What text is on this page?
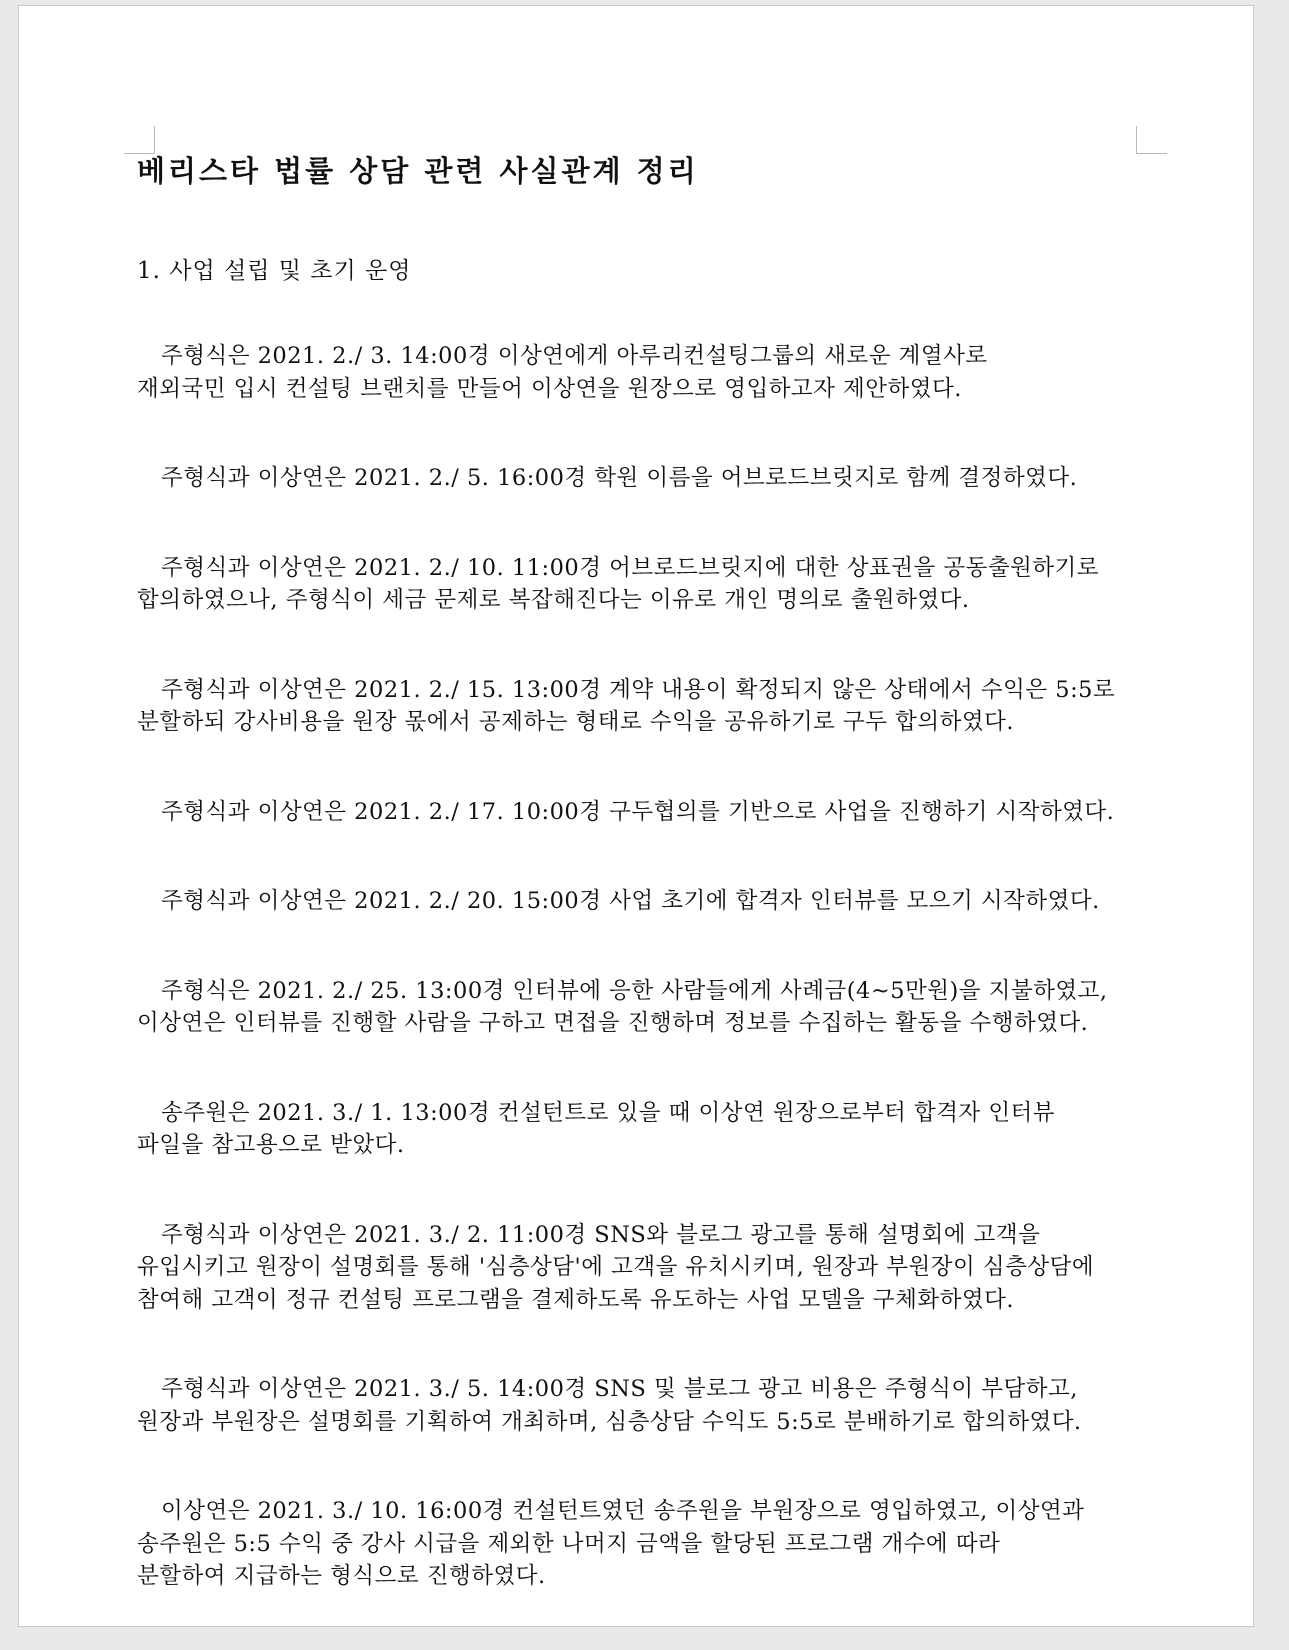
베리스타 법률 상담 관련 사실관계 정리
1. 사업 설립 및 초기 운영

주형식은 2021. 2./ 3. 14:00경 이상연에게 아루리컨설팅그룹의 새로운 계열사로
재외국민 입시 컨설팅 브랜치를 만들어 이상연을 원장으로 영입하고자 제안하였다.

주형식과 이상연은 2021. 2./ 5. 16:00경 학원 이름을 어브로드브릿지로 함께 결정하였다.

주형식과 이상연은 2021. 2./ 10. 11:00경 어브로드브릿지에 대한 상표권을 공동출원하기로
합의하였으나, 주형식이 세금 문제로 복잡해진다는 이유로 개인 명의로 출원하였다.

주형식과 이상연은 2021. 2./ 15. 13:00경 계약 내용이 확정되지 않은 상태에서 수익은 5:5로
분할하되 강사비용을 원장 몫에서 공제하는 형태로 수익을 공유하기로 구두 합의하였다.

주형식과 이상연은 2021. 2./ 17. 10:00경 구두협의를 기반으로 사업을 진행하기 시작하였다.

주형식과 이상연은 2021. 2./ 20. 15:00경 사업 초기에 합격자 인터뷰를 모으기 시작하였다.

주형식은 2021. 2./ 25. 13:00경 인터뷰에 응한 사람들에게 사례금(4~5만원)을 지불하였고,
이상연은 인터뷰를 진행할 사람을 구하고 면접을 진행하며 정보를 수집하는 활동을 수행하였다.

송주원은 2021. 3./ 1. 13:00경 컨설턴트로 있을 때 이상연 원장으로부터 합격자 인터뷰
파일을 참고용으로 받았다.

주형식과 이상연은 2021. 3./ 2. 11:00경 SNS와 블로그 광고를 통해 설명회에 고객을
유입시키고 원장이 설명회를 통해 '심층상담'에 고객을 유치시키며, 원장과 부원장이 심층상담에
참여해 고객이 정규 컨설팅 프로그램을 결제하도록 유도하는 사업 모델을 구체화하였다.

주형식과 이상연은 2021. 3./ 5. 14:00경 SNS 및 블로그 광고 비용은 주형식이 부담하고,
원장과 부원장은 설명회를 기획하여 개최하며, 심층상담 수익도 5:5로 분배하기로 합의하였다.

이상연은 2021. 3./ 10. 16:00경 컨설턴트였던 송주원을 부원장으로 영입하였고, 이상연과
송주원은 5:5 수익 중 강사 시급을 제외한 나머지 금액을 할당된 프로그램 개수에 따라
분할하여 지급하는 형식으로 진행하였다.
